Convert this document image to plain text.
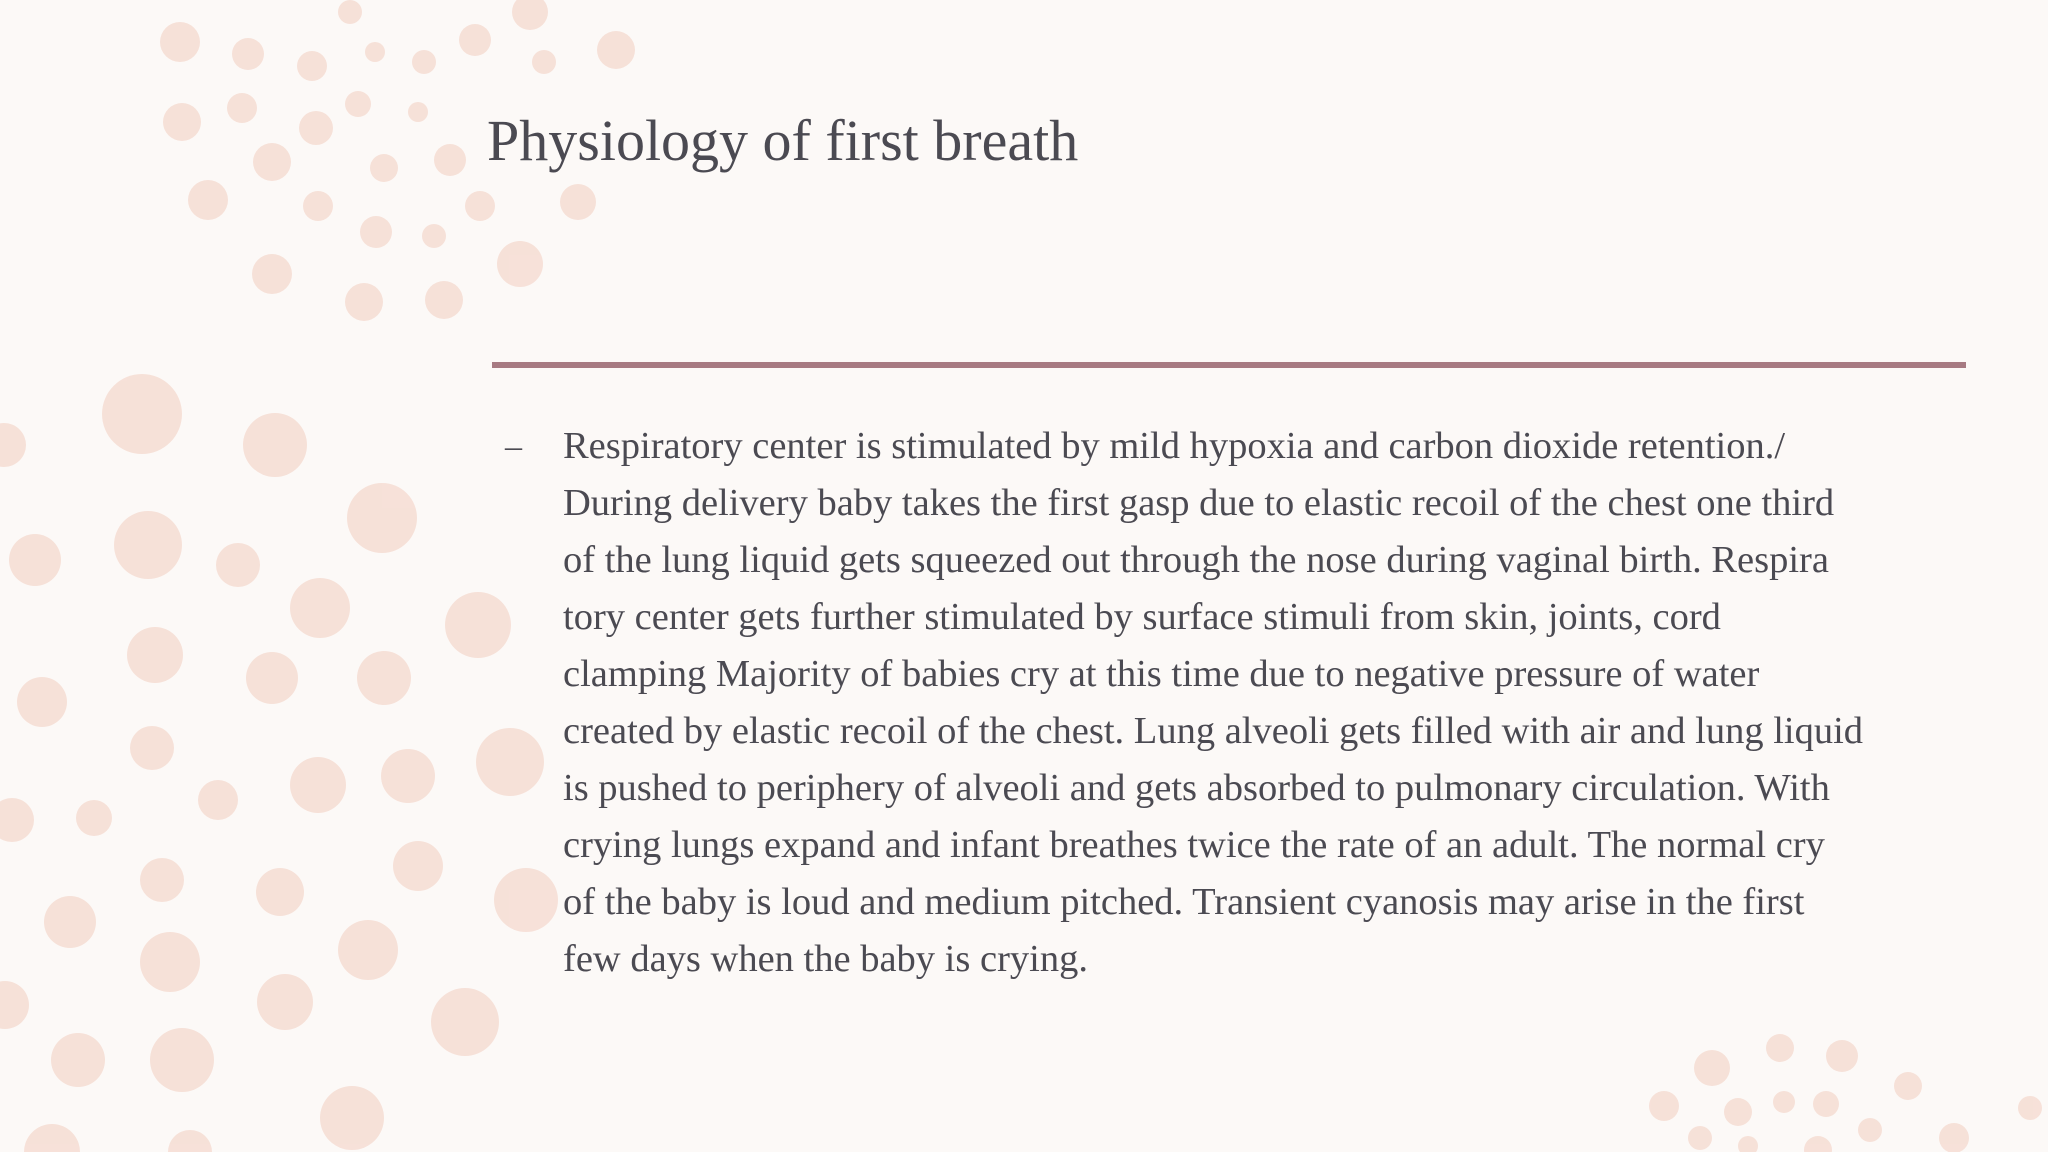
Physiology of first breath
– Respiratory center is stimulated by mild hypoxia and carbon dioxide retention./
During delivery baby takes the first gasp due to elastic recoil of the chest one third
of the lung liquid gets squeezed out through the nose during vaginal birth. Respira
tory center gets further stimulated by surface stimuli from skin, joints, cord
clamping Majority of babies cry at this time due to negative pressure of water
created by elastic recoil of the chest. Lung alveoli gets filled with air and lung liquid
is pushed to periphery of alveoli and gets absorbed to pulmonary circulation. With
crying lungs expand and infant breathes twice the rate of an adult. The normal cry
of the baby is loud and medium pitched. Transient cyanosis may arise in the first
few days when the baby is crying.
